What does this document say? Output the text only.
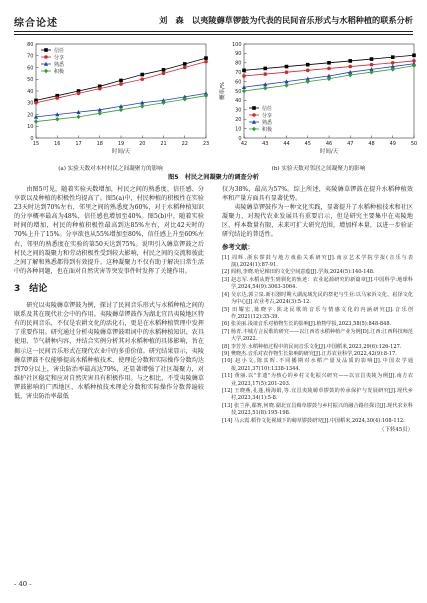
综合论述	刘　森　以夷陵薅草锣鼓为代表的民间音乐形式与水稻种植的联系分析
0
10
20
30
40
50
60
70
80
15	16	17	18	19	20	21	22	23
时间/天
信任
分享
熟悉
积极
(a) 实验天数对本村村民之间凝聚力的影响
0
10
20
30
40
50
60
70
80
90
100
42	43	44	45	46	47	48	49	50
时间/天
概率/%
信任
分享
熟悉
积极
(b) 实验天数对邻居之间凝聚力的影响
图5　村民之间凝聚力的调查分析

由图5可见，随着实验天数增加，村民之间的熟悉度、信任感、分享欲以及种植的积极性均提高了。图5(a)中，村民种植的积极性在实验23天时达到70%左右，邻里之间的熟悉度为60%，对于水稻种植知识的分享概率最高为48%，信任感也增加至40%。图5(b)中，随着实验时间的增加，村民的种植积极性最高到达85%左右，对比42天时的70%上升了15%。分享欲也从55%增加至80%，信任感上升至60%左右，邻里的熟悉度在实验的第50天达到75%。说明引入薅草锣鼓之后村民之间的凝聚力和劳动积极性受到较大影响，村民之间的交流和彼此之间了解和熟悉都得到有效提升。这种凝聚力不仅有助于解决日常生活中的各种问题，也在面对自然灾害等突发事件时发挥了关键作用。

3　结论

研究以夷陵薅草锣鼓为例，探讨了民间音乐形式与水稻种植之间的联系及其在现代社会中的作用。夷陵薅草锣鼓作为湖北宜昌夷陵地区特有的民间音乐，不仅是农耕文化的活化石，更是在水稻种植管理中发挥了重要作用。研究通过分析夷陵薅草锣鼓唱词中的水稻种植知识、农具使用、节气耕种内容，并结合实例分析其对水稻种植的具体影响，旨在揭示这一民间音乐形式在现代农业中的多重价值。研究结果显示，夷陵薅草锣鼓不仅能够提高水稻种植技术，使理论分数和实际操作分数均达到70分以上，害虫防治率最高达79%，还显著增强了社区凝聚力，对维护社区稳定和应对自然灾害具有积极作用。与之相比，不受夷陵薅草锣鼓影响的广西地区，水稻种植技术理论分数和实际操作分数普遍较低，害虫防治率最低

仅为38%，最高为57%。综上所述，夷陵薅草锣鼓在提升水稻种植效率和产量方面具有显著优势。

夷陵薅草锣鼓作为一种文化实践，显著提升了水稻种植技术和社区凝聚力，对现代农业发展具有重要启示，但是研究主要集中在夷陵地区，样本数量有限，未来可扩大研究范围，增加样本量，以进一步验证研究结论的普适性。

参考文献：
[1] 周辉.浙东锣鼓与地方戏曲关系研究[J].南京艺术学院学报(音乐与表演),2024(1):87-91.
[2] 阎莉,李晓.哈尼梯田的文化空间意蕴[J].学海,2024(5):140-148.
[3] 赵志军.水稻从野生到驯化的轨迹：农业起源研究的新篇章[J].中国科学:地球科学,2024,54(9):3063-3064.
[4] 吴京达,郭立泉.新石器时期大湖流域先民的祭祀与生业:以马家浜文化、崧泽文化为中心[J].农业考古,2024(3):5-12.
[5] 田耀宏,陈晓字.陕北民歌的音乐与情感文化的内涵研究[J].音乐创作,2021(12):35-39.
[6] 张美丽.浅谈音乐对植物生长的影响[J].植物学报,2023,58(5):848-848.
[7] 杨青.丰城方言民歌的研究——以江西省水稻种植产业为例[D].江西:江西科技师范大学,2022.
[8] 李芳芳.水稻种植过程中的民间音乐文化[J].中国稻米,2023,29(6):126-127.
[9] 樊晓杰.音乐对农作物生长影响的研究[J].江苏农业科学,2022,42(9):8-17.
[10] 赵小文,陈其晖.不同播期对水稻产量及品质的影响[J].中国农学通报,2021,37(10):1338-1344.
[11] 黄丽.以"非遗"为核心的乡村文化振兴研究——以宜昌夷陵为例[J].南方农业,2023,17(5):201-203.
[12] 王晓燕,孔蓬,杨海娟,等.宜昌夷陵薅草锣鼓的传承保护与发展研究[J].现代乡村,2023,34(1):5-8.
[13] 张兰萍,鄢赛,何晓.湖北宜昌薅草锣鼓与乡村振兴的融合路径探讨[J].现代农业科技,2023,51(8):195-198.
[14] 马云霞.稻作文化视域下的薅草锣鼓研究[J].中国稻米,2024,30(4):108-112.
（下转45页）
- 40 -
